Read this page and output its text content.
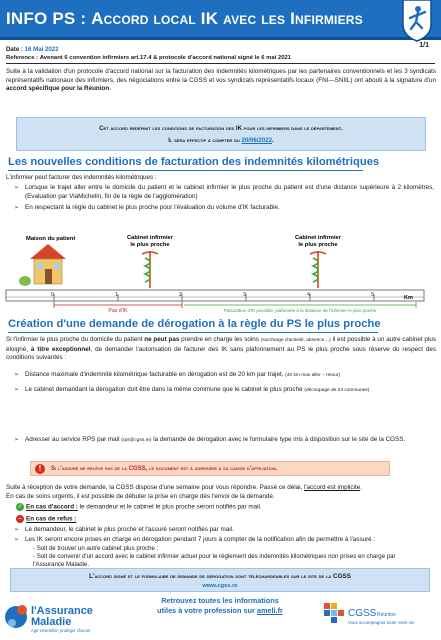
INFO PS : Accord local IK avec les Infirmiers
1/1
Date : 16 Mai 2022
Reference : Avenant 6 convention infirmiers art.17.4 & protocole d'accord national signé le 6 mai 2021
Suite à la validation d'un protocole d'accord national sur la facturation des indemnités kilométriques par les partenaires conventionnels et les 3 syndicats représentatifs nationaux des infirmiers, des négociations entre la CGSS et vos syndicats représentatifs locaux (FNI—SNIIL) ont abouti à la signature d'un accord spécifique pour la Réunion.
Cet accord redéfinit les conditions de facturation des IK pour les infirmiers dans le département.
Il sera effectif à compter du 20/06/2022.
Les nouvelles conditions de facturation des indemnités kilométriques
L'infirmier peut facturer des indemnités kilométriques :
➢ Lorsque le trajet aller entre le domicile du patient et le cabinet infirmier le plus proche du patient est d'une distance supérieure à 2 kilomètres, (Evaluation par ViaMichelin, fin de la règle de l'agglomération)
➢ En respectant la règle du cabinet le plus proche pour l'évaluation du volume d'IK facturable.
Maison du patient	Cabinet infirmier
le plus proche
Cabinet infirmier
le plus proche
0	1	2	3	4	5	Km
Pas d'IK	Facturation d'IK possible, plafonnée à la distance de l'infirmier le plus proche
Création d'une demande de dérogation à la règle du PS le plus proche
Si l'infirmier le plus proche du domicile du patient ne peut pas prendre en charge les soins (surcharge d'activité, absence…) il est possible à un autre cabinet plus éloigné, à titre exceptionnel, de demander l'autorisation de facturer des IK sans plafonnement au PS le plus proche sous réserve du respect des conditions suivantes :
➢ Distance maximale d'indemnité kilométrique facturable en dérogation est de 20 km par trajet, (40 km max aller – retour)
➢ Le cabinet demandant la dérogation doit être dans la même commune que le cabinet le plus proche (découpage de 24 communes)
➢ Adresser au service RPS par mail (rps@cgss.re) la demande de dérogation avec le formulaire type mis à disposition sur le site de la CGSS.
!	Si l'assuré ne relève pas de la CGSS, le document est à adresser à sa caisse d'affiliation.
Suite à réception de votre demande, la CGSS dispose d'une semaine pour vous répondre. Passé ce délai, l'accord est implicite.
En cas de soins urgents, il est possible de débuter la prise en charge dès l'envoi de la demande.
✓ En cas d'accord : le demandeur et le cabinet le plus proche seront notifiés par mail.
– En cas de refus :
➢ Le demandeur, le cabinet le plus proche et l'assuré seront notifiés par mail.
➢ Les IK seront encore prises en charge en dérogation pendant 7 jours à compter de la notification afin de permettre à l'assuré :
- Soit de trouver un autre cabinet plus proche ;
- Soit de convenir d'un accord avec le cabinet infirmier actuel pour le règlement des indemnités kilométriques non prises en charge par l'Assurance Maladie.
L'accord signé et le formulaire de demande de dérogation sont téléchargeables sur le site de la CGSS
www.cgss.re
l'Assurance
Maladie
Agir ensemble, protéger chacun
Retrouvez toutes les informations
utiles à votre profession sur ameli.fr	CGSS Réunion
Vous accompagner toute votre vie
